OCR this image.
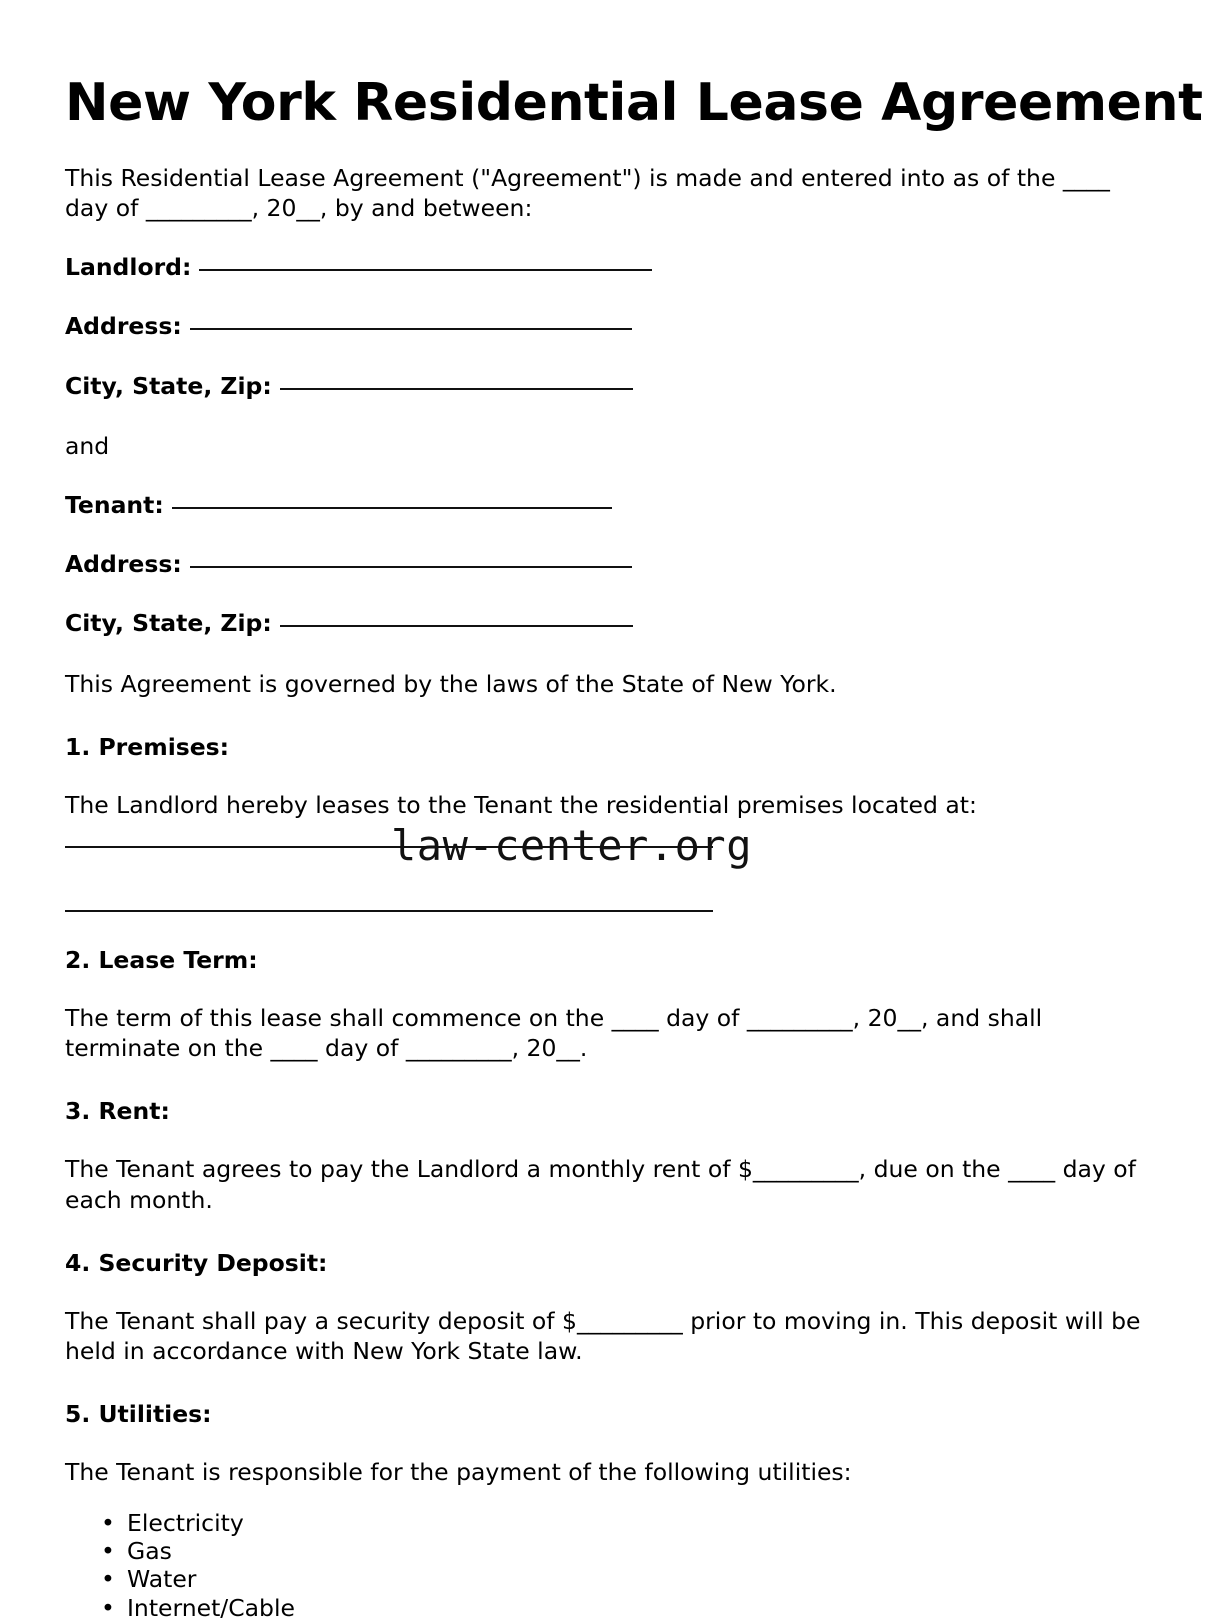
New York Residential Lease Agreement

This Residential Lease Agreement ("Agreement") is made and entered into as of the ____ day of _________, 20__, by and between:

Landlord:
Address:
City, State, Zip:

and

Tenant:
Address:
City, State, Zip:

This Agreement is governed by the laws of the State of New York.

1. Premises:

The Landlord hereby leases to the Tenant the residential premises located at:

law-center.org
2. Lease Term:

The term of this lease shall commence on the ____ day of _________, 20__, and shall terminate on the ____ day of _________, 20__.

3. Rent:

The Tenant agrees to pay the Landlord a monthly rent of $_________, due on the ____ day of each month.

4. Security Deposit:

The Tenant shall pay a security deposit of $_________ prior to moving in. This deposit will be held in accordance with New York State law.

5. Utilities:

The Tenant is responsible for the payment of the following utilities:

• Electricity
• Gas
• Water
• Internet/Cable
